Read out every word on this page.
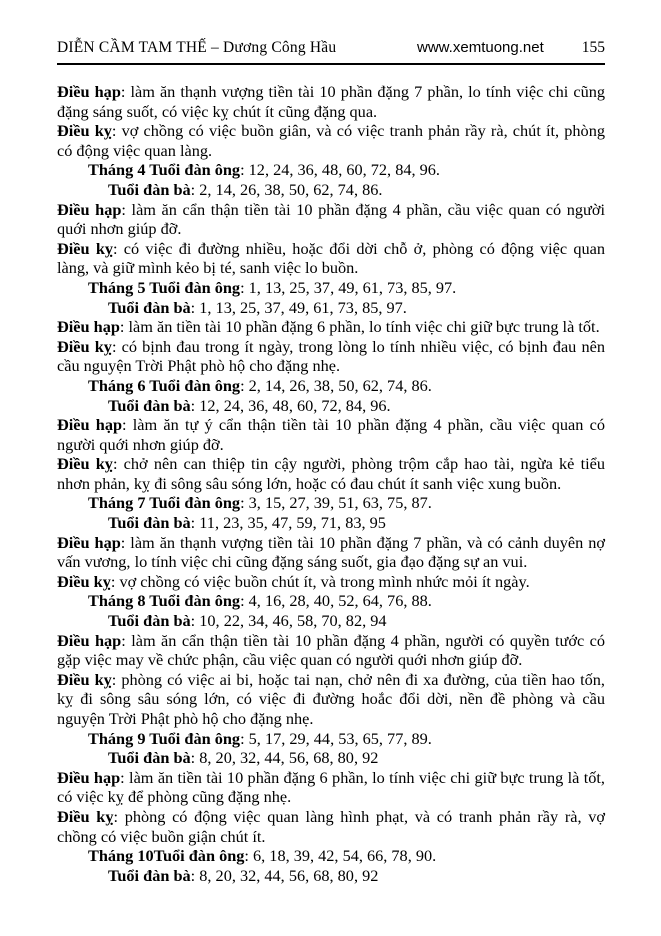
DIỄN CẦM TAM THẾ – Dương Công Hầu	www.xemtuong.net 155

Điều hạp: làm ăn thạnh vượng tiền tài 10 phần đặng 7 phần, lo tính việc chi cũng đặng sáng suốt, có việc kỵ chút ít cũng đặng qua.

Điều kỵ: vợ chồng có việc buồn giân, và có việc tranh phản rầy rà, chút ít, phòng có động việc quan làng.

Tháng 4 Tuổi đàn ông: 12, 24, 36, 48, 60, 72, 84, 96.

Tuổi đàn bà: 2, 14, 26, 38, 50, 62, 74, 86.

Điều hạp: làm ăn cẩn thận tiền tài 10 phần đặng 4 phần, cầu việc quan có người quới nhơn giúp đỡ.

Điều kỵ: có việc đi đường nhiều, hoặc đổi dời chỗ ở, phòng có động việc quan làng, và giữ mình kẻo bị té, sanh việc lo buồn.

Tháng 5 Tuổi đàn ông: 1, 13, 25, 37, 49, 61, 73, 85, 97.

Tuổi đàn bà: 1, 13, 25, 37, 49, 61, 73, 85, 97.

Điều hạp: làm ăn tiền tài 10 phần đặng 6 phần, lo tính việc chi giữ bực trung là tốt.

Điều kỵ: có bịnh đau trong ít ngày, trong lòng lo tính nhiều việc, có bịnh đau nên cầu nguyện Trời Phật phò hộ cho đặng nhẹ.

Tháng 6 Tuổi đàn ông: 2, 14, 26, 38, 50, 62, 74, 86.

Tuổi đàn bà: 12, 24, 36, 48, 60, 72, 84, 96.

Điều hạp: làm ăn tự ý cẩn thận tiền tài 10 phần đặng 4 phần, cầu việc quan có người quới nhơn giúp đỡ.

Điều kỵ: chở nên can thiệp tin cậy người, phòng trộm cắp hao tài, ngừa kẻ tiểu nhơn phản, kỵ đi sông sâu sóng lớn, hoặc có đau chút ít sanh việc xung buồn.

Tháng 7 Tuổi đàn ông: 3, 15, 27, 39, 51, 63, 75, 87.

Tuổi đàn bà: 11, 23, 35, 47, 59, 71, 83, 95

Điều hạp: làm ăn thạnh vượng tiền tài 10 phần đặng 7 phần, và có cảnh duyên nợ vấn vương, lo tính việc chi cũng đặng sáng suốt, gia đạo đặng sự an vui.

Điều kỵ: vợ chồng có việc buồn chút ít, và trong mình nhức mỏi ít ngày.

Tháng 8 Tuổi đàn ông: 4, 16, 28, 40, 52, 64, 76, 88.

Tuổi đàn bà: 10, 22, 34, 46, 58, 70, 82, 94

Điều hạp: làm ăn cẩn thận tiền tài 10 phần đặng 4 phần, người có quyền tước có gặp việc may về chức phận, cầu việc quan có người quới nhơn giúp đỡ.

Điều kỵ: phòng có việc ai bi, hoặc tai nạn, chở nên đi xa đường, của tiền hao tốn, kỵ đi sông sâu sóng lớn, có việc đi đường hoắc đổi dời, nền đề phòng và cầu nguyện Trời Phật phò hộ cho đặng nhẹ.

Tháng 9 Tuổi đàn ông: 5, 17, 29, 44, 53, 65, 77, 89.

Tuổi đàn bà: 8, 20, 32, 44, 56, 68, 80, 92

Điều hạp: làm ăn tiền tài 10 phần đặng 6 phần, lo tính việc chi giữ bực trung là tốt, có việc kỵ để phòng cũng đặng nhẹ.

Điều kỵ: phòng có động việc quan làng hình phạt, và có tranh phản rầy rà, vợ chồng có việc buồn giận chút ít.

Tháng 10Tuổi đàn ông: 6, 18, 39, 42, 54, 66, 78, 90.

Tuổi đàn bà: 8, 20, 32, 44, 56, 68, 80, 92
